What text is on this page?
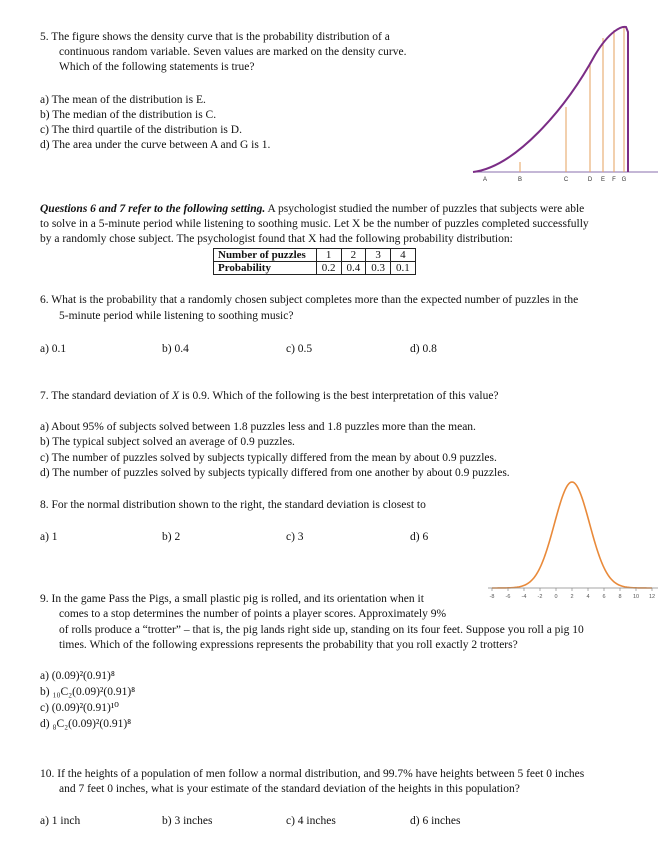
5. The figure shows the density curve that is the probability distribution of a
continuous random variable. Seven values are marked on the density curve.
Which of the following statements is true?
a) The mean of the distribution is E.
b) The median of the distribution is C.
c) The third quartile of the distribution is D.
d) The area under the curve between A and G is 1.
A	B	C	D E F G
Questions 6 and 7 refer to the following setting. A psychologist studied the number of puzzles that subjects were able
to solve in a 5-minute period while listening to soothing music. Let X be the number of puzzles completed successfully
by a randomly chose subject. The psychologist found that X had the following probability distribution:
Number of puzzles	1	2	3	4
Probability	0.2	0.4	0.3	0.1
6. What is the probability that a randomly chosen subject completes more than the expected number of puzzles in the
5-minute period while listening to soothing music?
a) 0.1	b) 0.4	c) 0.5	d) 0.8
7. The standard deviation of X is 0.9. Which of the following is the best interpretation of this value?
a) About 95% of subjects solved between 1.8 puzzles less and 1.8 puzzles more than the mean.
b) The typical subject solved an average of 0.9 puzzles.
c) The number of puzzles solved by subjects typically differed from the mean by about 0.9 puzzles.
d) The number of puzzles solved by subjects typically differed from one another by about 0.9 puzzles.
8. For the normal distribution shown to the right, the standard deviation is closest to
a) 1	b) 2	c) 3	d) 6
-8 -6 -4 -2 0 2 4 6 8 10 12
9. In the game Pass the Pigs, a small plastic pig is rolled, and its orientation when it
comes to a stop determines the number of points a player scores. Approximately 9%
of rolls produce a “trotter” – that is, the pig lands right side up, standing on its four feet. Suppose you roll a pig 10
times. Which of the following expressions represents the probability that you roll exactly 2 trotters?
a) (0.09)²(0.91)⁸
b) ₁₀C₂(0.09)²(0.91)⁸
c) (0.09)²(0.91)¹⁰
d) ₈C₂(0.09)²(0.91)⁸
10. If the heights of a population of men follow a normal distribution, and 99.7% have heights between 5 feet 0 inches
and 7 feet 0 inches, what is your estimate of the standard deviation of the heights in this population?
a) 1 inch	b) 3 inches	c) 4 inches	d) 6 inches
